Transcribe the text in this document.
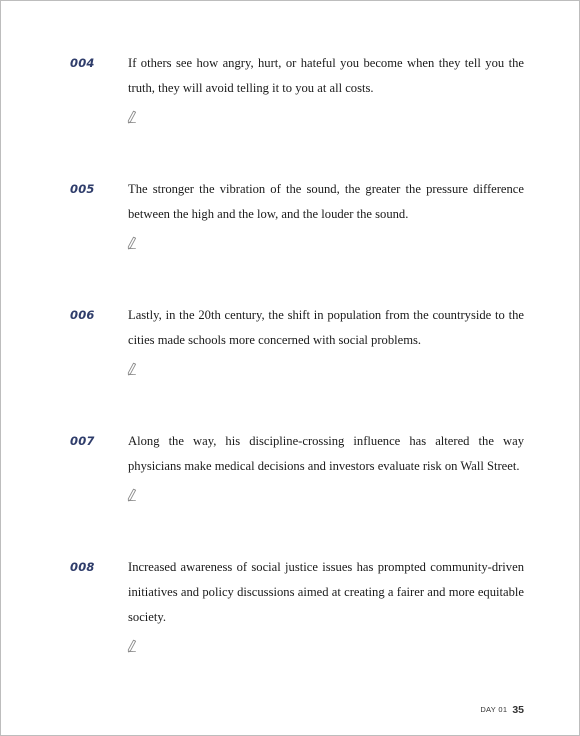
004	If others see how angry, hurt, or hateful you become when they tell you the truth, they will avoid telling it to you at all costs.

005	The stronger the vibration of the sound, the greater the pressure difference between the high and the low, and the louder the sound.

006	Lastly, in the 20th century, the shift in population from the countryside to the cities made schools more concerned with social problems.

007	Along the way, his discipline-crossing influence has altered the way physicians make medical decisions and investors evaluate risk on Wall Street.

008	Increased awareness of social justice issues has prompted community-driven initiatives and policy discussions aimed at creating a fairer and more equitable society.

DAY 01 35
